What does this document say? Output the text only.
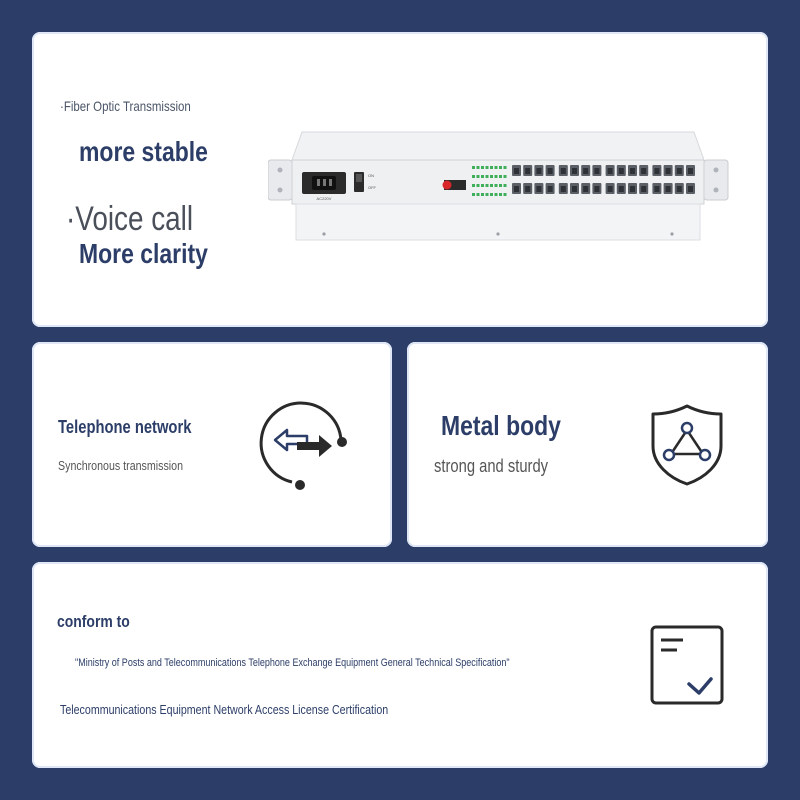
·Fiber Optic Transmission
more stable
·Voice call
More clarity
AC220V
ON
OFF
Telephone network
Synchronous transmission
Metal body
strong and sturdy
conform to
"Ministry of Posts and Telecommunications Telephone Exchange Equipment General Technical Specification"
Telecommunications Equipment Network Access License Certification
